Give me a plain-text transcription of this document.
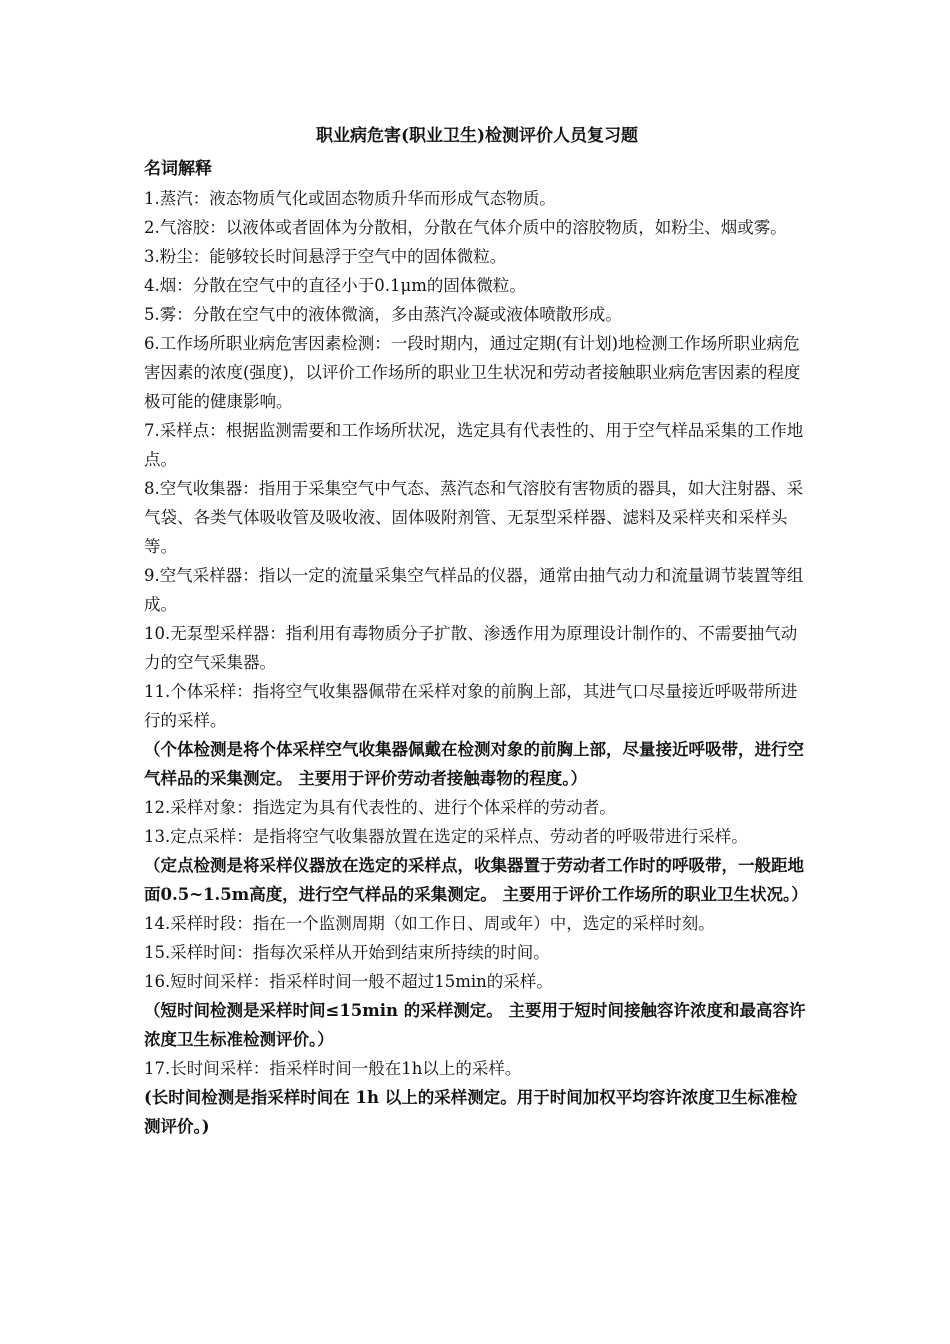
职业病危害(职业卫生)检测评价人员复习题
名词解释

1.蒸汽：液态物质气化或固态物质升华而形成气态物质。

2.气溶胶：以液体或者固体为分散相，分散在气体介质中的溶胶物质，如粉尘、烟或雾。

3.粉尘：能够较长时间悬浮于空气中的固体微粒。

4.烟：分散在空气中的直径小于0.1μm的固体微粒。

5.雾：分散在空气中的液体微滴，多由蒸汽冷凝或液体喷散形成。

6.工作场所职业病危害因素检测：一段时期内，通过定期(有计划)地检测工作场所职业病危害因素的浓度(强度)，以评价工作场所的职业卫生状况和劳动者接触职业病危害因素的程度极可能的健康影响。

7.采样点：根据监测需要和工作场所状况，选定具有代表性的、用于空气样品采集的工作地点。

8.空气收集器：指用于采集空气中气态、蒸汽态和气溶胶有害物质的器具，如大注射器、采气袋、各类气体吸收管及吸收液、固体吸附剂管、无泵型采样器、滤料及采样夹和采样头等。

9.空气采样器：指以一定的流量采集空气样品的仪器，通常由抽气动力和流量调节装置等组成。

10.无泵型采样器：指利用有毒物质分子扩散、渗透作用为原理设计制作的、不需要抽气动力的空气采集器。

11.个体采样：指将空气收集器佩带在采样对象的前胸上部，其进气口尽量接近呼吸带所进行的采样。

（个体检测是将个体采样空气收集器佩戴在检测对象的前胸上部，尽量接近呼吸带，进行空气样品的采集测定。 主要用于评价劳动者接触毒物的程度。）

12.采样对象：指选定为具有代表性的、进行个体采样的劳动者。

13.定点采样：是指将空气收集器放置在选定的采样点、劳动者的呼吸带进行采样。

（定点检测是将采样仪器放在选定的采样点，收集器置于劳动者工作时的呼吸带，一般距地面0.5~1.5m高度，进行空气样品的采集测定。 主要用于评价工作场所的职业卫生状况。）

14.采样时段：指在一个监测周期（如工作日、周或年）中，选定的采样时刻。

15.采样时间：指每次采样从开始到结束所持续的时间。

16.短时间采样：指采样时间一般不超过15min的采样。

（短时间检测是采样时间≤15min 的采样测定。 主要用于短时间接触容许浓度和最高容许浓度卫生标准检测评价。）

17.长时间采样：指采样时间一般在1h以上的采样。

(长时间检测是指采样时间在 1h 以上的采样测定。用于时间加权平均容许浓度卫生标准检测评价。)
